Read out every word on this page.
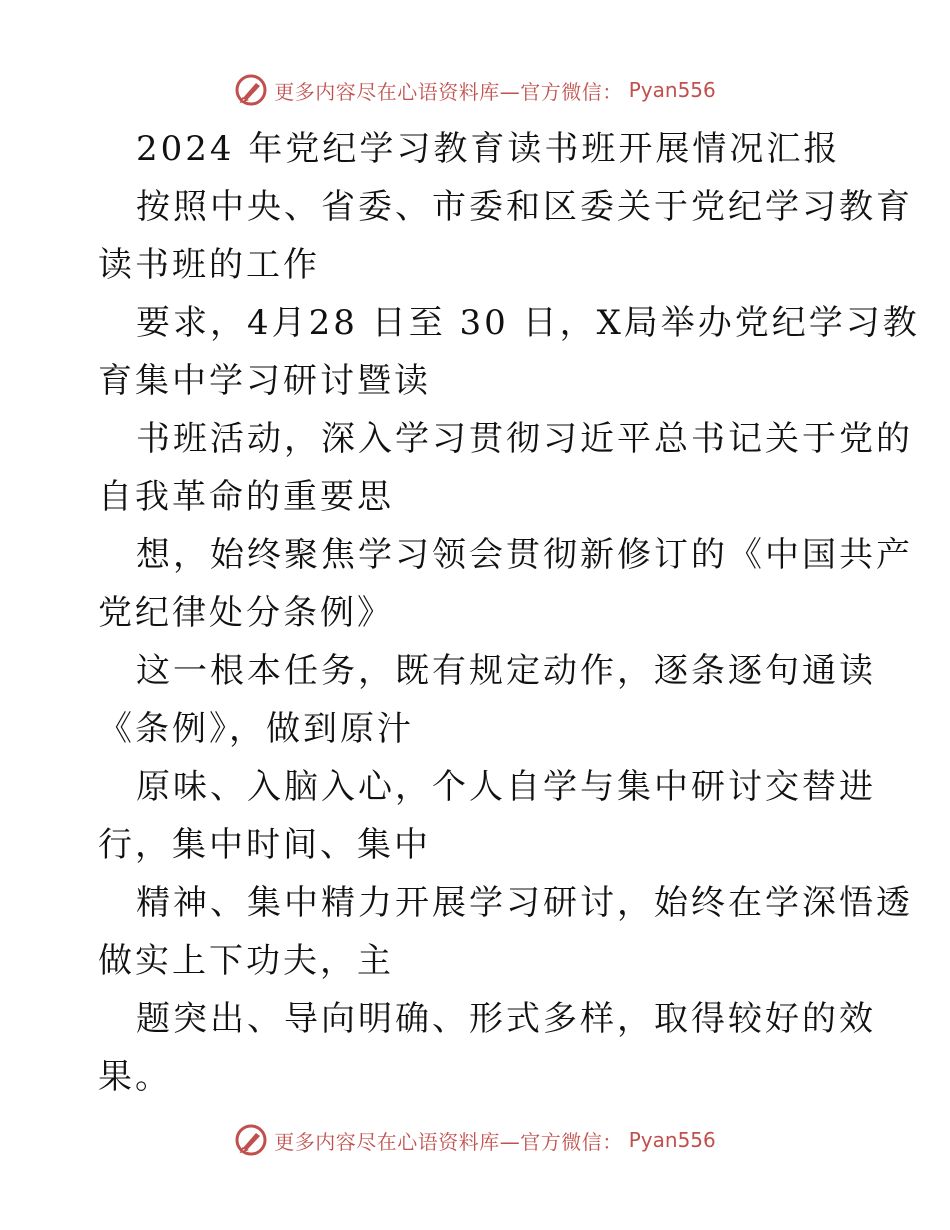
更多内容尽在心语资料库—官方微信： Pyan556
2024 年党纪学习教育读书班开展情况汇报
按照中央、省委、市委和区委关于党纪学习教育
读书班的工作
要求，4月28 日至 30 日，X局举办党纪学习教
育集中学习研讨暨读
书班活动，深入学习贯彻习近平总书记关于党的
自我革命的重要思
想，始终聚焦学习领会贯彻新修订的《中国共产
党纪律处分条例》
这一根本任务，既有规定动作，逐条逐句通读
《条例》，做到原汁
原味、入脑入心，个人自学与集中研讨交替进
行，集中时间、集中
精神、集中精力开展学习研讨，始终在学深悟透
做实上下功夫，主
题突出、导向明确、形式多样，取得较好的效
果。
更多内容尽在心语资料库—官方微信： Pyan556
